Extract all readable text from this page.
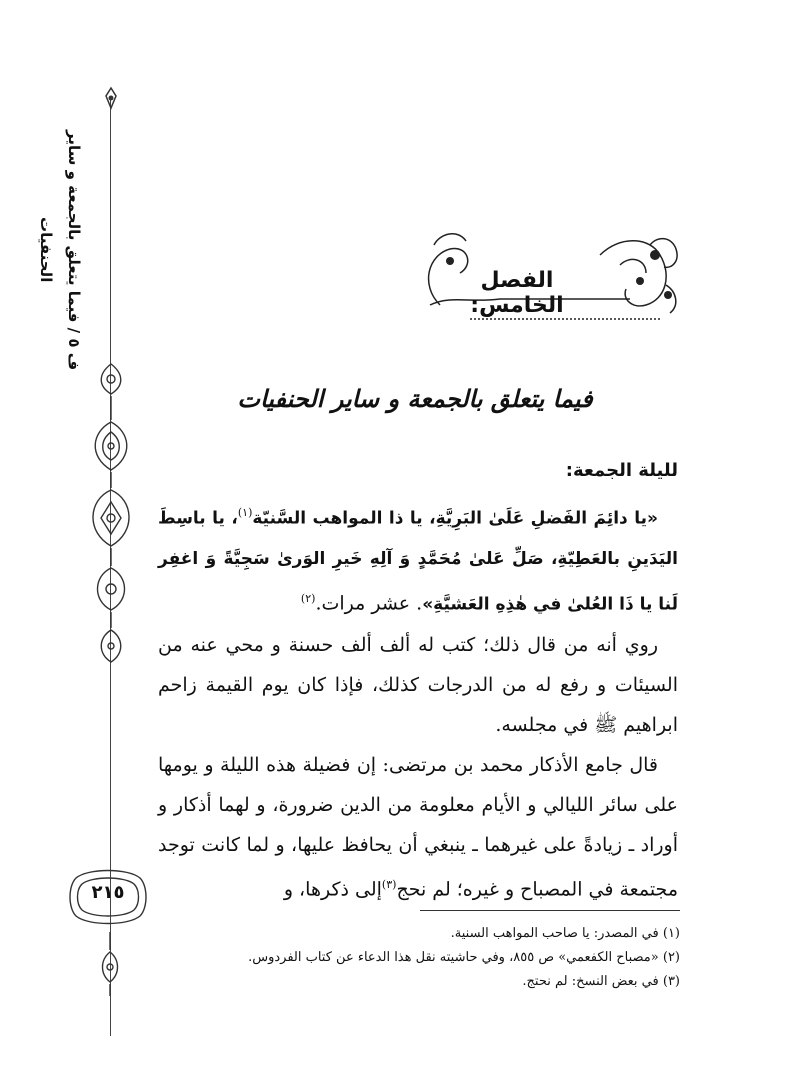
ف ٥ / فيما يتعلق بالجمعة و ساير الحنفيات
٢١٥
الفصل الخامس:
فيما يتعلق بالجمعة و ساير الحنفيات
لليلة الجمعة:

«يا دائِمَ الفَضلِ عَلَىٰ البَرِيَّةِ، يا ذا المواهب السَّنيّة$^{(١)}$، يا باسِطَ اليَدَينِ بالعَطِيّةِ، صَلِّ عَلىٰ مُحَمَّدٍ وَ آلِهِ خَيرِ الوَرىٰ سَجِيَّةً وَ اغفِر لَنا يا ذَا العُلىٰ في هٰذِهِ العَشيَّةِ». عشر مرات.$^{(٢)}$

روي أنه من قال ذلك؛ كتب له ألف ألف حسنة و محي عنه من السيئات و رفع له من الدرجات كذلك، فإذا كان يوم القيمة زاحم ابراهيم ﷺ في مجلسه.

قال جامع الأذكار محمد بن مرتضى: إن فضيلة هذه الليلة و يومها على سائر الليالي و الأيام معلومة من الدين ضرورة، و لهما أذكار و أوراد ـ زيادةً على غيرهما ـ ينبغي أن يحافظ عليها، و لما كانت توجد مجتمعة في المصباح و غيره؛ لم نحج$^{(٣)}$إلى ذكرها، و

(١) في المصدر: يا صاحب المواهب السنية.

(٢) «مصباح الكفعمي» ص ٨٥٥، وفي حاشيته نقل هذا الدعاء عن كتاب الفردوس.

(٣) في بعض النسخ: لم نحتج.
